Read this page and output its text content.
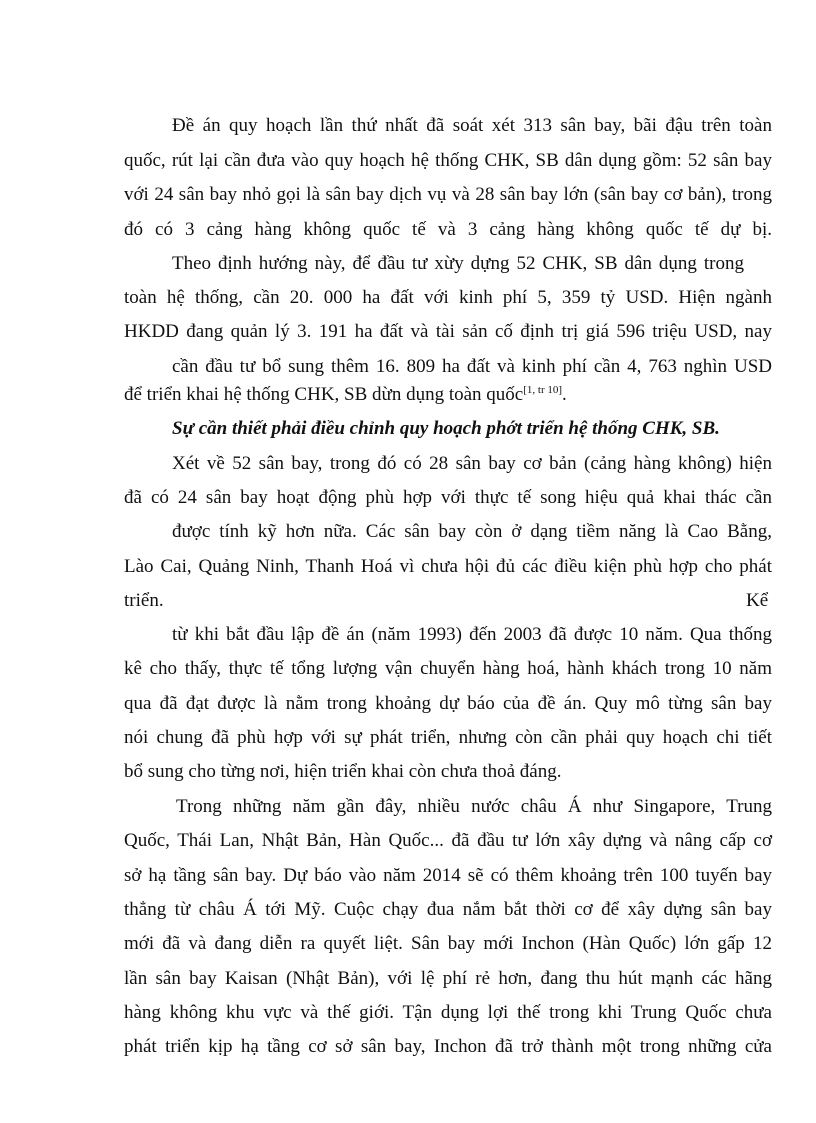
Đề án quy hoạch lần thứ nhất đã soát xét 313 sân bay, bãi đậu trên toàn
quốc, rút lại cần đưa vào quy hoạch hệ thống CHK, SB dân dụng gồm: 52 sân bay
với 24 sân bay nhỏ gọi là sân bay dịch vụ và 28 sân bay lớn (sân bay cơ bản), trong
đó có 3 cảng hàng không quốc tế và 3 cảng hàng không quốc tế dự bị.
Theo định hướng này, để đầu tư xừy dựng 52 CHK, SB dân dụng trong
toàn hệ thống, cần 20. 000 ha đất với kinh phí 5, 359 tỷ USD. Hiện ngành
HKDD đang quản lý 3. 191 ha đất và tài sản cố định trị giá 596 triệu USD, nay
cần đầu tư bổ sung thêm 16. 809 ha đất và kinh phí cần 4, 763 nghìn USD
để triển khai hệ thống CHK, SB dừn dụng toàn quốc[1, tr 10].
Sự cần thiết phải điều chỉnh quy hoạch phớt triển hệ thống CHK, SB.
Xét về 52 sân bay, trong đó có 28 sân bay cơ bản (cảng hàng không) hiện
đã có 24 sân bay hoạt động phù hợp với thực tế song hiệu quả khai thác cần
được tính kỹ hơn nữa. Các sân bay còn ở dạng tiềm năng là Cao Bằng,
Lào Cai, Quảng Ninh, Thanh Hoá vì chưa hội đủ các điều kiện phù hợp cho phát
triển.	Kể
từ khi bắt đầu lập đề án (năm 1993) đến 2003 đã được 10 năm. Qua thống
kê cho thấy, thực tế tổng lượng vận chuyển hàng hoá, hành khách trong 10 năm
qua đã đạt được là nằm trong khoảng dự báo của đề án. Quy mô từng sân bay
nói chung đã phù hợp với sự phát triển, nhưng còn cần phải quy hoạch chi tiết
bổ sung cho từng nơi, hiện triển khai còn chưa thoả đáng.
Trong những năm gần đây, nhiều nước châu Á như Singapore, Trung
Quốc, Thái Lan, Nhật Bản, Hàn Quốc... đã đầu tư lớn xây dựng và nâng cấp cơ
sở hạ tầng sân bay. Dự báo vào năm 2014 sẽ có thêm khoảng trên 100 tuyến bay
thẳng từ châu Á tới Mỹ. Cuộc chạy đua nắm bắt thời cơ để xây dựng sân bay
mới đã và đang diễn ra quyết liệt. Sân bay mới Inchon (Hàn Quốc) lớn gấp 12
lần sân bay Kaisan (Nhật Bản), với lệ phí rẻ hơn, đang thu hút mạnh các hãng
hàng không khu vực và thế giới. Tận dụng lợi thế trong khi Trung Quốc chưa
phát triển kịp hạ tầng cơ sở sân bay, Inchon đã trở thành một trong những cửa
